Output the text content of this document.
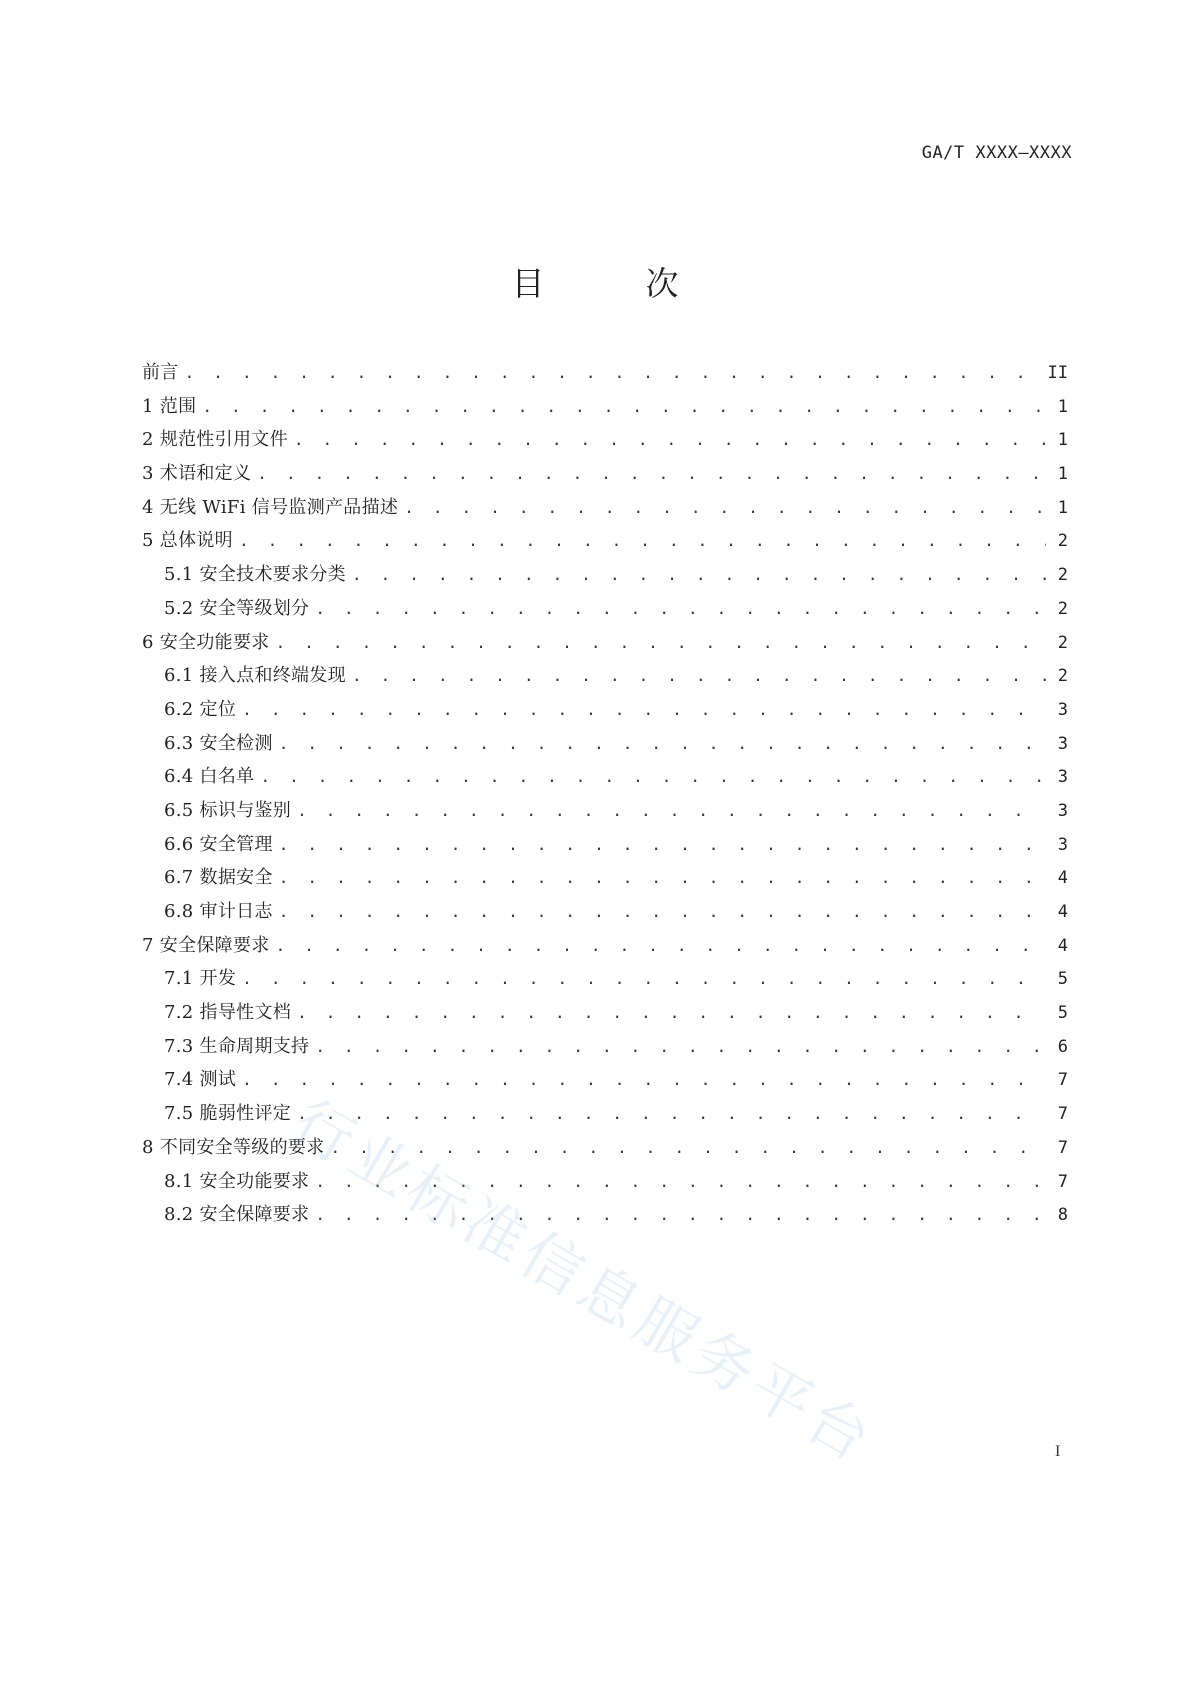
GA/T XXXX—XXXX
目　次
前言 . . .	II
1 范围 . . .	1
2 规范性引用文件 . . .	1
3 术语和定义 . . .	1
4 无线 WiFi 信号监测产品描述 . . .	1
5 总体说明 . . .	2
5.1 安全技术要求分类 . . .	2
5.2 安全等级划分 . . .	2
6 安全功能要求 . . .	2
6.1 接入点和终端发现 . . .	2
6.2 定位 . . .	3
6.3 安全检测 . . .	3
6.4 白名单 . . .	3
6.5 标识与鉴别 . . .	3
6.6 安全管理 . . .	3
6.7 数据安全 . . .	4
6.8 审计日志 . . .	4
7 安全保障要求 . . .	4
7.1 开发 . . .	5
7.2 指导性文档 . . .	5
7.3 生命周期支持 . . .	6
7.4 测试 . . .	7
7.5 脆弱性评定 . . .	7
8 不同安全等级的要求 . . .	7
8.1 安全功能要求 . . .	7
8.2 安全保障要求 . . .	8
行业标准信息服务平台	I
